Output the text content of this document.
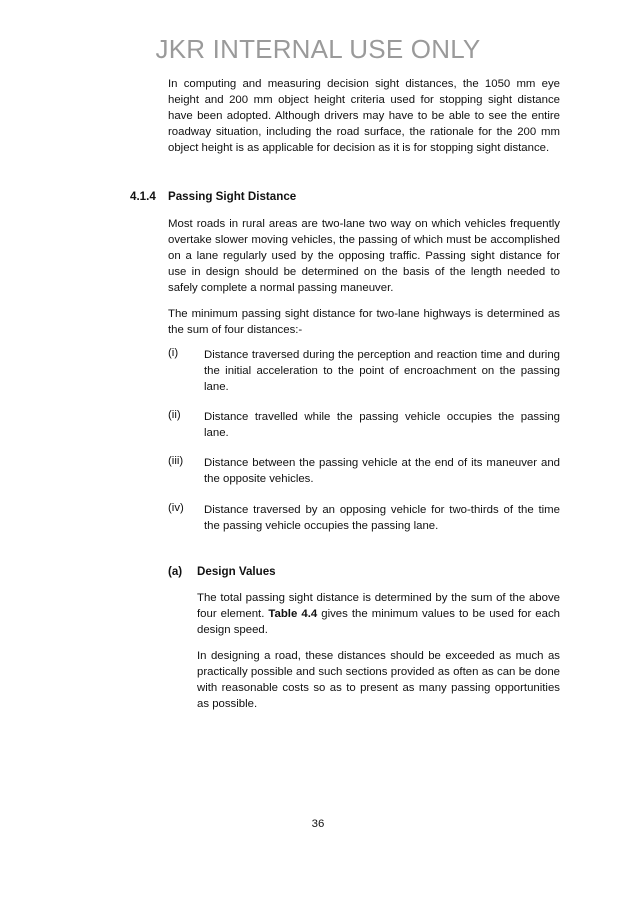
JKR INTERNAL USE ONLY
In computing and measuring decision sight distances, the 1050 mm eye height and 200 mm object height criteria used for stopping sight distance have been adopted. Although drivers may have to be able to see the entire roadway situation, including the road surface, the rationale for the 200 mm object height is as applicable for decision as it is for stopping sight distance.
4.1.4 Passing Sight Distance
Most roads in rural areas are two-lane two way on which vehicles frequently overtake slower moving vehicles, the passing of which must be accomplished on a lane regularly used by the opposing traffic. Passing sight distance for use in design should be determined on the basis of the length needed to safely complete a normal passing maneuver.
The minimum passing sight distance for two-lane highways is determined as the sum of four distances:-
(i) Distance traversed during the perception and reaction time and during the initial acceleration to the point of encroachment on the passing lane.
(ii) Distance travelled while the passing vehicle occupies the passing lane.
(iii) Distance between the passing vehicle at the end of its maneuver and the opposite vehicles.
(iv) Distance traversed by an opposing vehicle for two-thirds of the time the passing vehicle occupies the passing lane.
(a) Design Values
The total passing sight distance is determined by the sum of the above four element. Table 4.4 gives the minimum values to be used for each design speed.
In designing a road, these distances should be exceeded as much as practically possible and such sections provided as often as can be done with reasonable costs so as to present as many passing opportunities as possible.
36
